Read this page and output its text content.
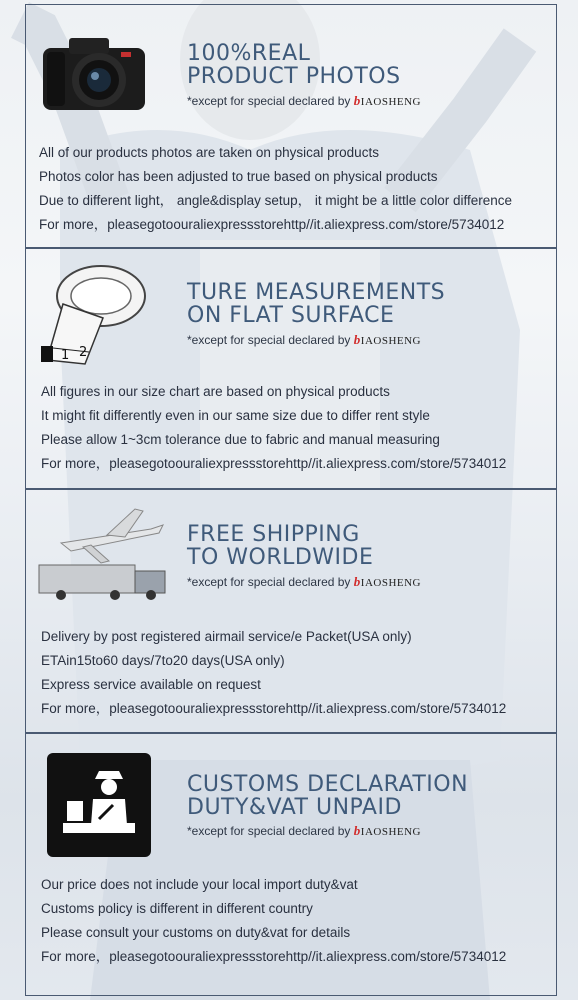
100%REAL
PRODUCT PHOTOS
*except for special declared by bIAOSHENG
All of our products photos are taken on physical products
Photos color has been adjusted to true based on physical products
Due to different light， angle&display setup， it might be a little color difference
For more，pleasegotoouraliexpressstorehttp//it.aliexpress.com/store/5734012
1 2
TURE MEASUREMENTS
ON FLAT SURFACE
*except for special declared by bIAOSHENG
All figures in our size chart are based on physical products
It might fit differently even in our same size due to differ rent style
Please allow 1~3cm tolerance due to fabric and manual measuring
For more，pleasegotoouraliexpressstorehttp//it.aliexpress.com/store/5734012
FREE SHIPPING
TO WORLDWIDE
*except for special declared by bIAOSHENG
Delivery by post registered airmail service/e Packet(USA only)
ETAin15to60 days/7to20 days(USA only)
Express service available on request
For more，pleasegotoouraliexpressstorehttp//it.aliexpress.com/store/5734012
CUSTOMS DECLARATION
DUTY&VAT UNPAID
*except for special declared by bIAOSHENG
Our price does not include your local import duty&vat
Customs policy is different in different country
Please consult your customs on duty&vat for details
For more，pleasegotoouraliexpressstorehttp//it.aliexpress.com/store/5734012
